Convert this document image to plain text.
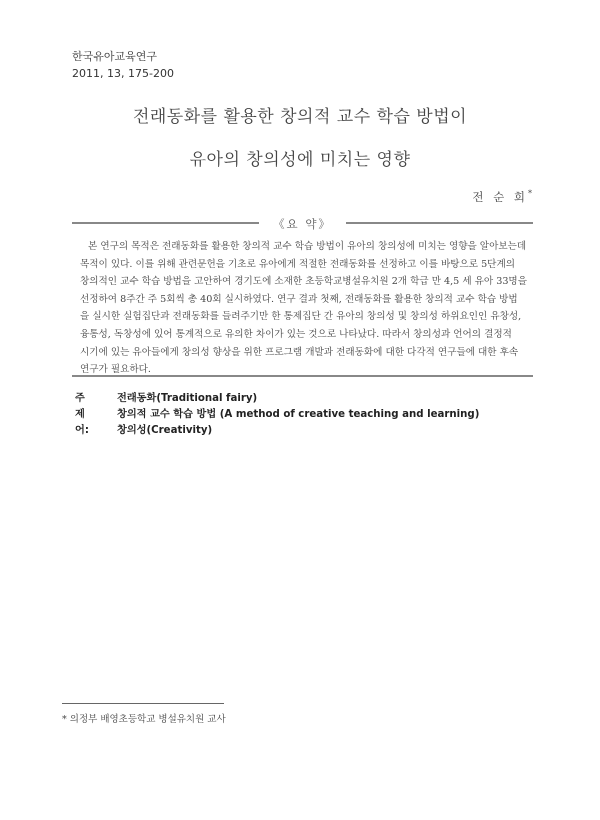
한국유아교육연구
2011, 13, 175-200
전래동화를 활용한 창의적 교수 학습 방법이
유아의 창의성에 미치는 영향
전 순 희*
《요 약》
본 연구의 목적은 전래동화를 활용한 창의적 교수 학습 방법이 유아의 창의성에 미치는 영향을 알아보는데
목적이 있다. 이를 위해 관련문헌을 기초로 유아에게 적절한 전래동화를 선정하고 이를 바탕으로 5단계의
창의적인 교수 학습 방법을 고안하여 경기도에 소재한 초등학교병설유치원 2개 학급 만 4,5 세 유아 33명을
선정하여 8주간 주 5회씩 총 40회 실시하였다. 연구 결과 첫째, 전래동화를 활용한 창의적 교수 학습 방법
을 실시한 실험집단과 전래동화를 들려주기만 한 통제집단 간 유아의 창의성 및 창의성 하위요인인 유창성,
융통성, 독창성에 있어 통계적으로 유의한 차이가 있는 것으로 나타났다. 따라서 창의성과 언어의 결정적
시기에 있는 유아들에게 창의성 향상을 위한 프로그램 개발과 전래동화에 대한 다각적 연구들에 대한 후속
연구가 필요하다.
주제어:
전래동화(Traditional fairy)
창의적 교수 학습 방법 (A method of creative teaching and learning)
창의성(Creativity)
* 의정부 배영초등학교 병설유치원 교사
